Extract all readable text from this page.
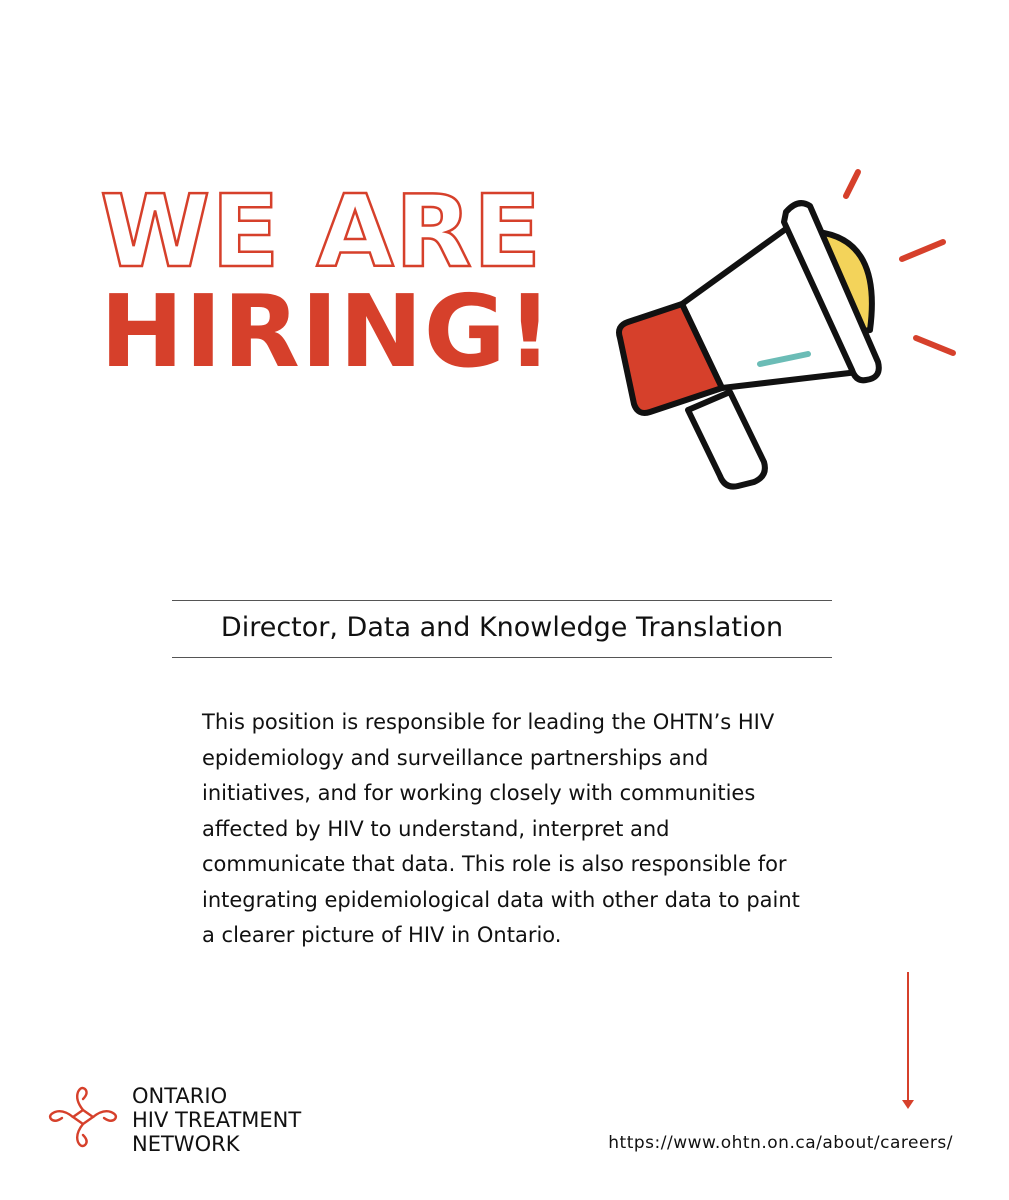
WE ARE
HIRING!
Director, Data and Knowledge Translation

This position is responsible for leading the OHTN’s HIV epidemiology and surveillance partnerships and initiatives, and for working closely with communities affected by HIV to understand, interpret and communicate that data. This role is also responsible for integrating epidemiological data with other data to paint a clearer picture of HIV in Ontario.

ONTARIO
HIV TREATMENT
NETWORK	https://www.ohtn.on.ca/about/careers/
